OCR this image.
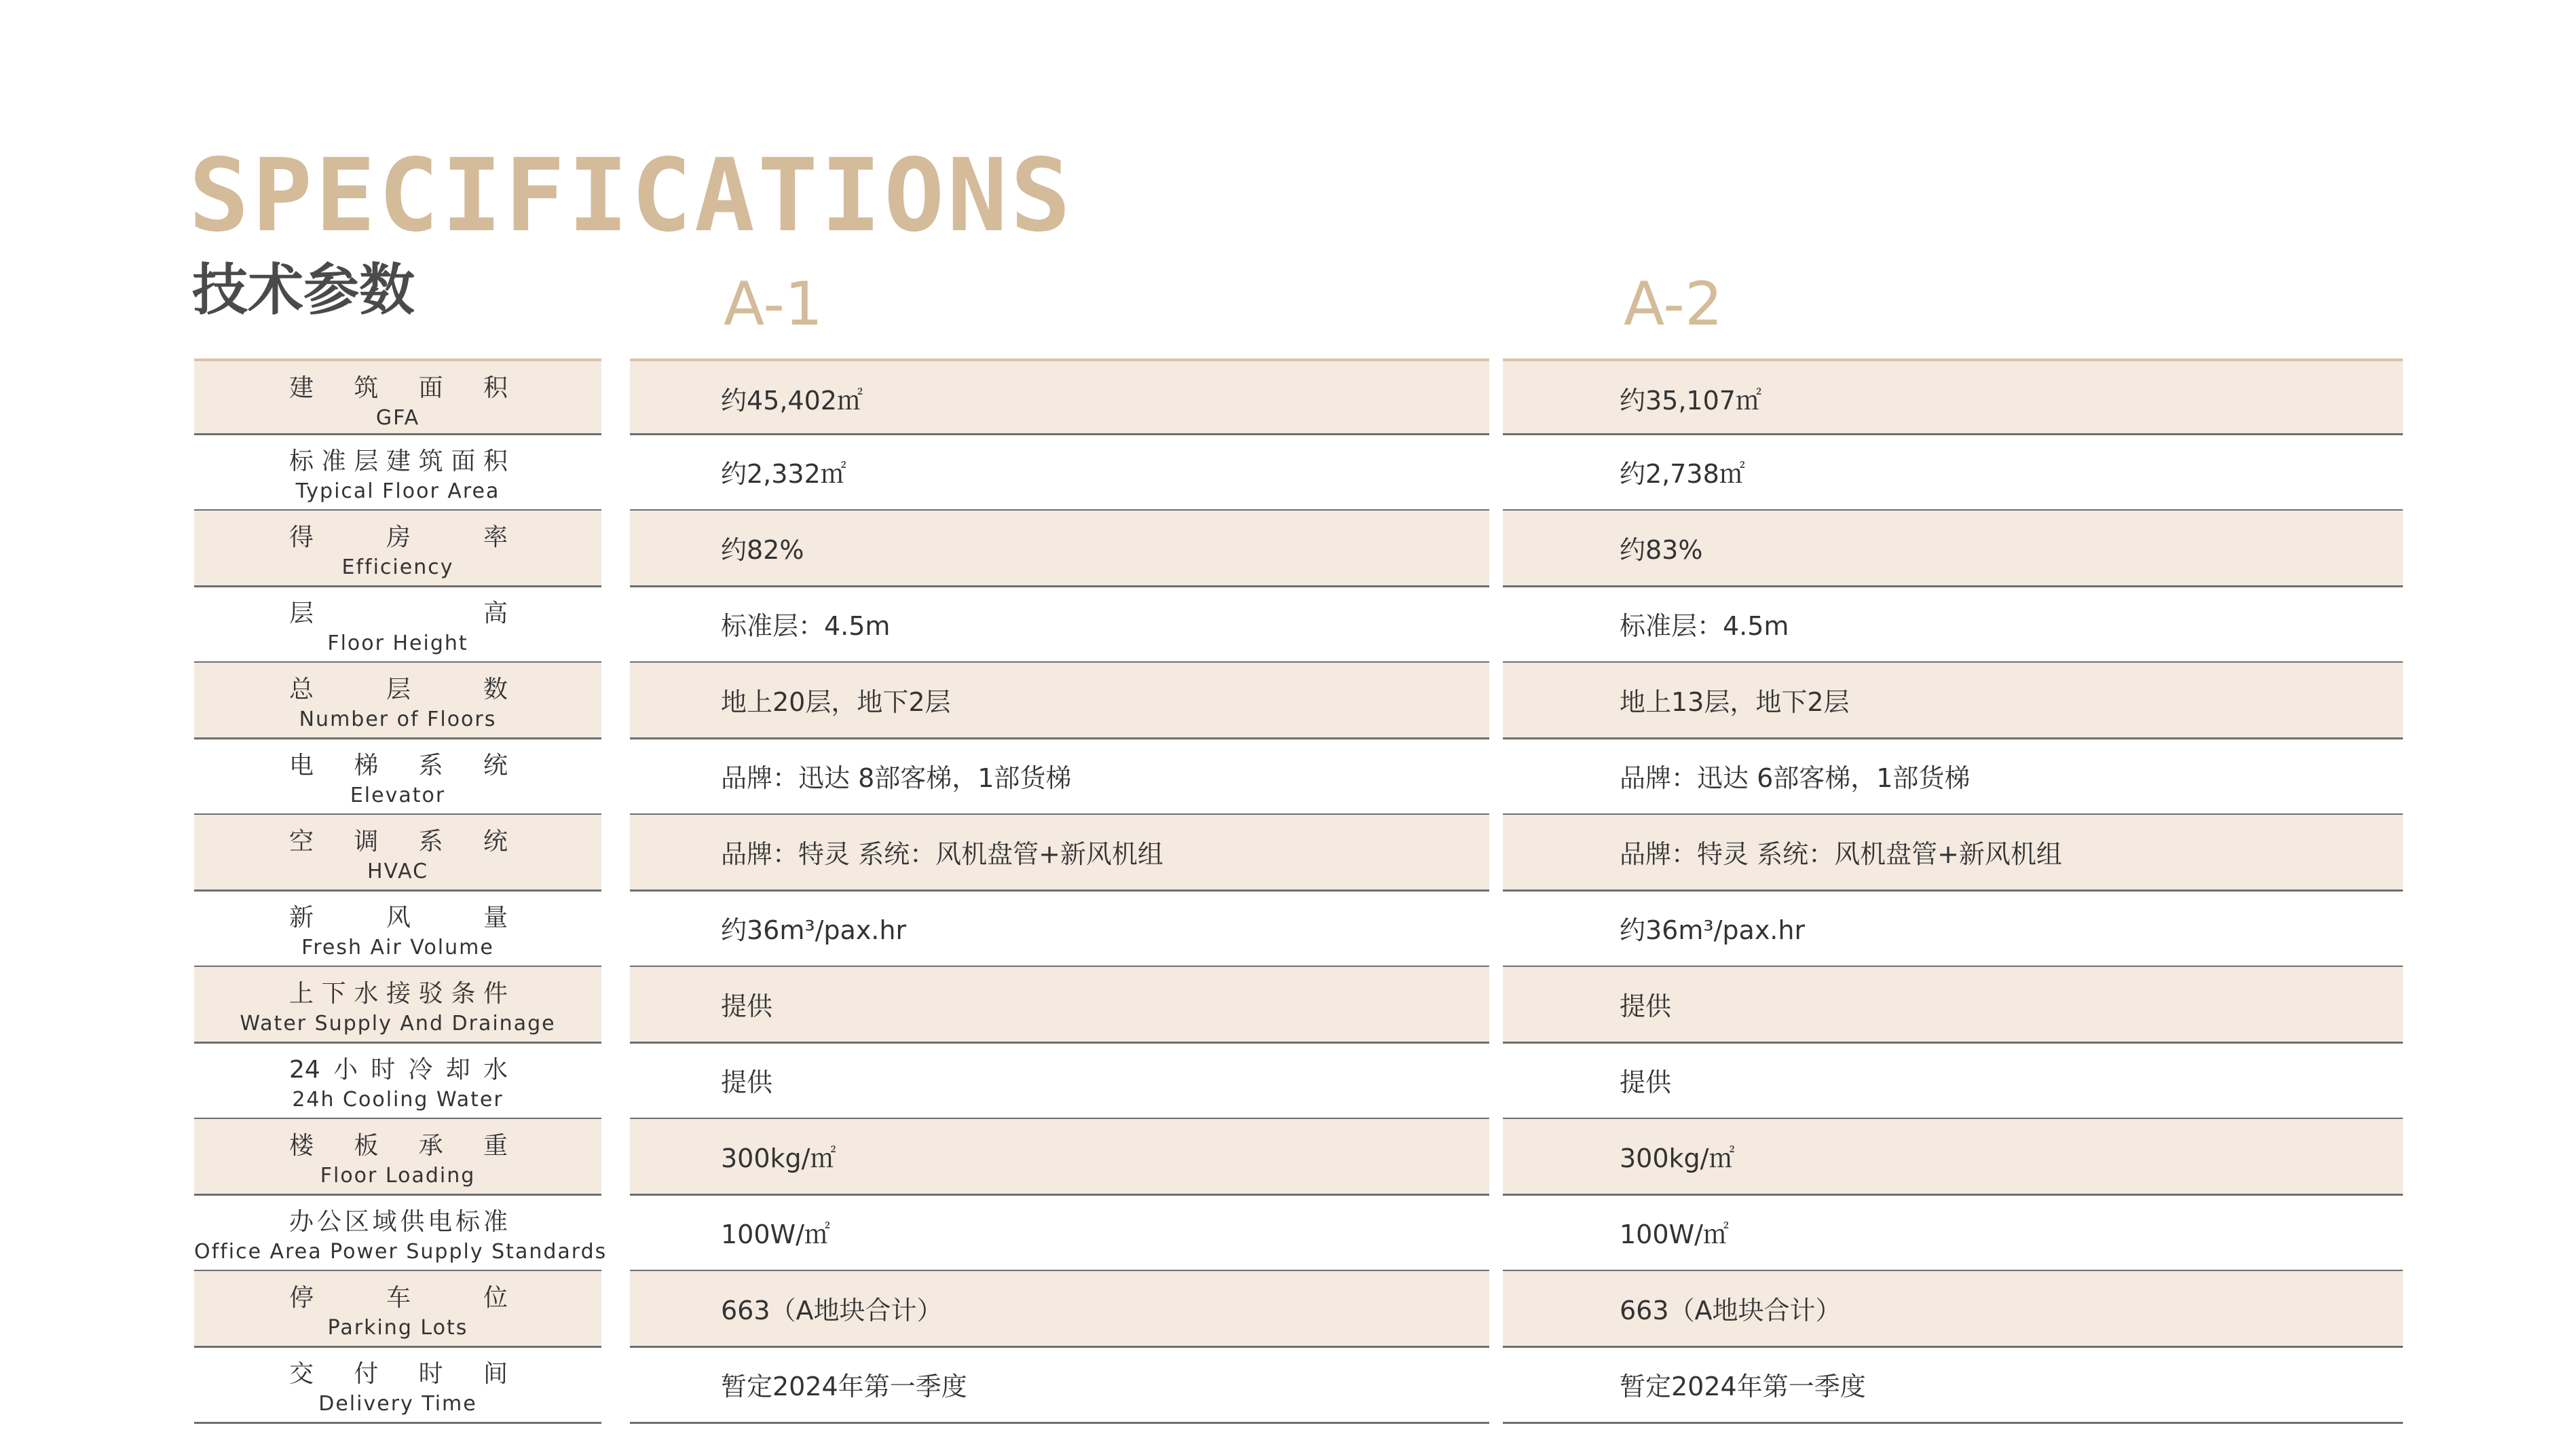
SPECIFICATIONS
技术参数	A-1	A-2
建筑面积
GFA
约45,402㎡	约35,107㎡
标准层建筑面积
Typical Floor Area
约2,332㎡	约2,738㎡
得房率
Efficiency
约82%	约83%
层高
Floor Height
标准层：4.5m	标准层：4.5m
总层数
Number of Floors
地上20层，地下2层	地上13层，地下2层
电梯系统
Elevator
品牌：迅达 8部客梯，1部货梯	品牌：迅达 6部客梯，1部货梯
空调系统
HVAC
品牌：特灵 系统：风机盘管+新风机组	品牌：特灵 系统：风机盘管+新风机组
新风量
Fresh Air Volume
约36m³/pax.hr	约36m³/pax.hr
上下水接驳条件
Water Supply And Drainage
提供	提供
24小时冷却水
24h Cooling Water
提供	提供
楼板承重
Floor Loading
300kg/㎡	300kg/㎡
办公区域供电标准
Office Area Power Supply Standards
100W/㎡	100W/㎡
停车位
Parking Lots
663（A地块合计）	663（A地块合计）
交付时间
Delivery Time
暂定2024年第一季度	暂定2024年第一季度
